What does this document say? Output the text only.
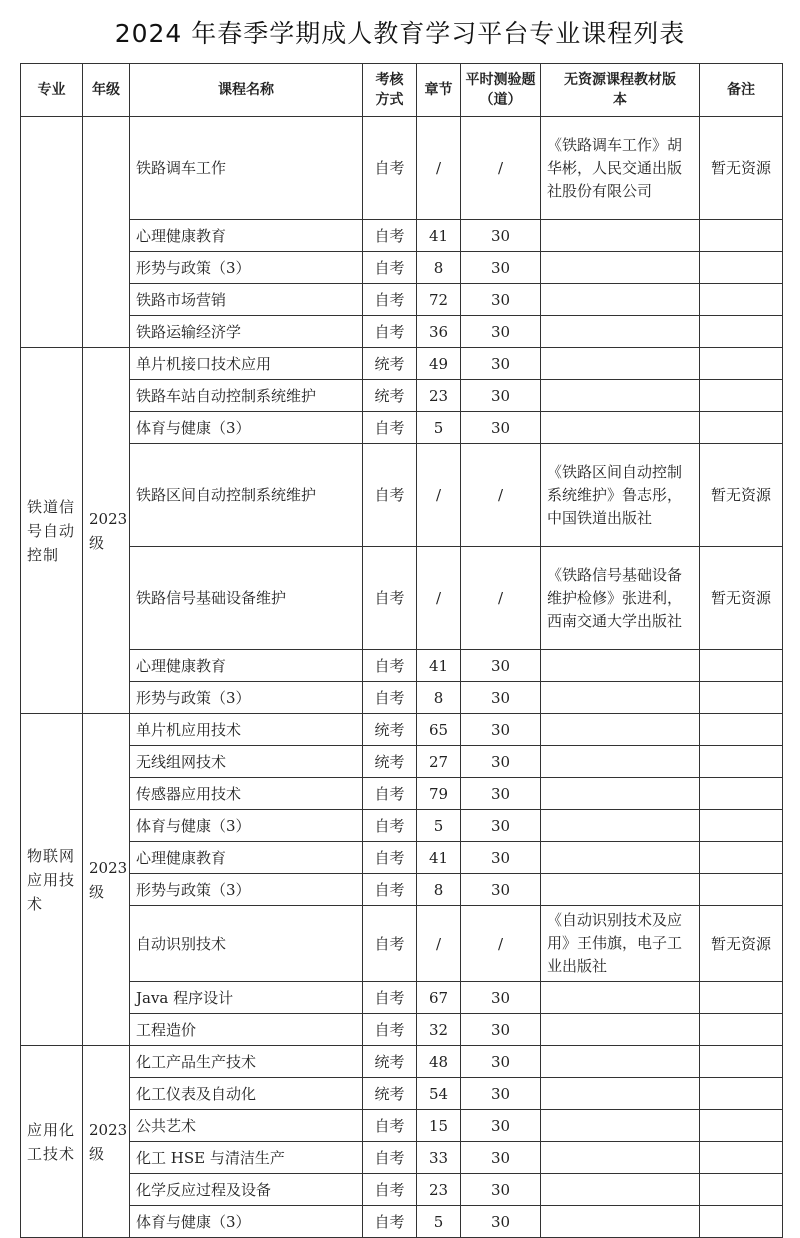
2024 年春季学期成人教育学习平台专业课程列表
专业	年级	课程名称	考核方式	章节	平时测验题（道）	无资源课程教材版本	备注
		铁路调车工作	自考	/	/	《铁路调车工作》胡华彬，人民交通出版社股份有限公司	暂无资源
		心理健康教育	自考	41	30		
		形势与政策（3）	自考	8	30		
		铁路市场营销	自考	72	30		
		铁路运输经济学	自考	36	30		
铁道信号自动控制	2023级	单片机接口技术应用	统考	49	30		
		铁路车站自动控制系统维护	统考	23	30		
		体育与健康（3）	自考	5	30		
		铁路区间自动控制系统维护	自考	/	/	《铁路区间自动控制系统维护》鲁志彤，中国铁道出版社	暂无资源
		铁路信号基础设备维护	自考	/	/	《铁路信号基础设备维护检修》张进利，西南交通大学出版社	暂无资源
		心理健康教育	自考	41	30		
		形势与政策（3）	自考	8	30		
物联网应用技术	2023级	单片机应用技术	统考	65	30		
		无线组网技术	统考	27	30		
		传感器应用技术	自考	79	30		
		体育与健康（3）	自考	5	30		
		心理健康教育	自考	41	30		
		形势与政策（3）	自考	8	30		
		自动识别技术	自考	/	/	《自动识别技术及应用》王伟旗，电子工业出版社	暂无资源
		Java 程序设计	自考	67	30		
		工程造价	自考	32	30		
应用化工技术	2023级	化工产品生产技术	统考	48	30		
		化工仪表及自动化	统考	54	30		
		公共艺术	自考	15	30		
		化工 HSE 与清洁生产	自考	33	30		
		化学反应过程及设备	自考	23	30		
		体育与健康（3）	自考	5	30		
